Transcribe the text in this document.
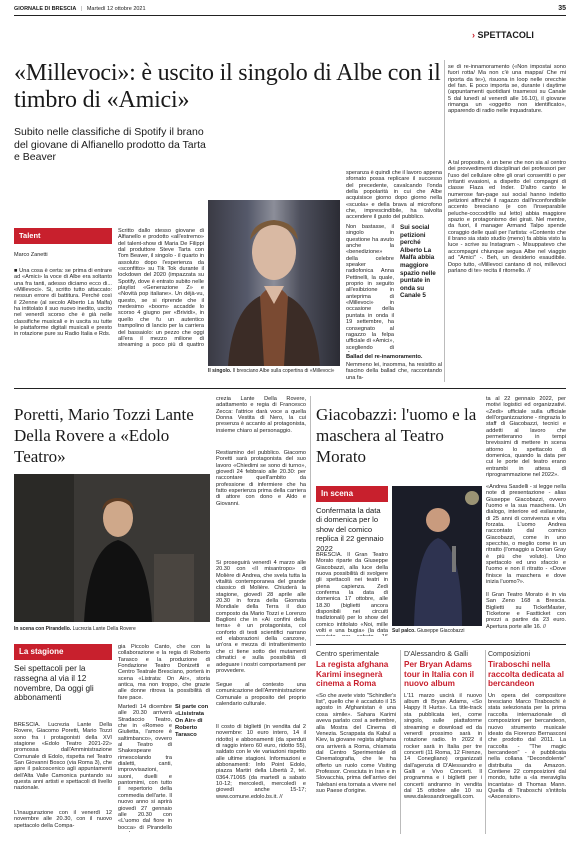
GIORNALE DI BRESCIA | Martedì 12 ottobre 2021	35
› SPETTACOLI
«Millevoci»: è uscito il singolo di Albe con il timbro di «Amici»
Subito nelle classifiche di Spotify il brano del giovane di Alfianello prodotto da Tarta e Beaver
Talent
Marco Zanetti

■ Una cosa è certa: se prima di entrare ad «Amici» la voce di Albe era soltanto una fra tanti, adesso diciamo ecco di... «Millevoci». Si, scritto tutto attaccato: nessun errore di battitura. Perché così il 22enne (al secolo Alberto La Malfa) ha intitolato il suo nuovo inedito, uscito nel venerdì scorso che è già nelle classifiche musicali e in uscita su tutte le piattaforme digitali musicali e presto in rotazione pure su Radio Italia e Rds.

Scritto dallo stesso giovane di Alfianello e prodotto «all'estremo» del talent-show di Maria De Filippi dal produttore Steve Tarta con Tom Beaver, il singolo - il quarto in assoluto dopo l'esperienza da «sconfitto» su Tik Tok durante il lockdown del 2020 (impazzata su Spotify, dove è entrato subito nelle playlist «Generazione Z» e «Novità pop italiane». Un déjà-vu, questo, se si riprende che il medesimo «boom» accadde lo scorso 4 giugno per «Brividi», in quello che fu un autentico trampolino di lancio per la carriera del bassaiolo: un pezzo che oggi all'era il mezzo milione di streaming a poco più di quattro

Il singolo. Il bresciano Albe sulla copertina di «Millevoci»

speranza è quindi che il lavoro appena sfornato possa replicare il successo del precedente, cavalcando l'onda della popolarità in cui che Albe acquisisce giorno dopo giorno nella «scuola» e della brava al microfono che, imprescindibile, ha talvolta accendere il gusto del pubblico.

Non bastasse, il singolo in questione ha avuto anche la «benedizione» della celebre speaker radiofonica Anna Pettinelli, la quale, proprio in seguito all'esibizione in anteprima di «Millevoci» in occasione della puntata in onda il 19 settembre, ha consegnato al ragazzo la felpa ufficiale di «Amici», scegliendo di

Sui social petizioni perché Alberto La Malfa abbia maggiore spazio nelle puntate in onda su Canale 5
Ballad del re-inamoramento.

Nemmeno lei, insomma, ha resistito al fascino della ballad che, raccontando una fa-

se di re-innamoramento («Non impostai sono fuori rotta/ Ma non c'è una mappa/ Che mi riporta da te»), risuona in loop nelle orecchie del fan. E poco importa se, durante i daytime (appuntamenti quotidiani trasmessi su Canale 5 dal lunedì al venerdì alle 16.10), il giovane rimanga un «oggetto non identificato», apparendo di radio nelle inquadrature.

A tal proposito, è un bene che non sia al centro dei provvedimenti disciplinari dei professori per l'uso del cellulare oltre gli orari consentiti o per irritanti evasioni, a dispetto del compagni di classe Flaza ed Inder. D'altro canto le numerose fan-page sui social hanno indetto petizioni affinché il ragazzo dall'inconfondibile accento bresciano (e con l'inseparabile peluche-coccodrillo sul letto) abbia maggiore spazio e protagonismo dei girati. Nel mentre, da fuori, il manager Armand Talpo spende coraggio delle quali per l'artista: «Contento che il brano sia stato studio (meno) fa abbia visto la luce - scrive su Instagram -. Misuppatevo che accompagni chiunque segua Albe nel viaggio ad "Amici" -. Beh, un desiderio esaudibile. Dopo tutto, «Millevoci cantano di noi, millevoci parlano di te» recita il ritornello. //

Poretti, Mario Tozzi Lante Della Rovere a «Edolo Teatro»
In scena con Pirandello. Lucrezia Lante Della Rovere
La stagione
Sei spettacoli per la rassegna al via il 12 novembre, Da oggi gli abbonamenti

BRESCIA. Lucrezia Lante Della Rovere, Giacomo Poretti, Mario Tozzi sono fra i protagonisti della XVI stagione «Edolo Teatro 2021-22» promossa dall'Amministrazione Comunale di Edolo, rispetta nel Teatro San Giovanni Bosco (via Roma 3), che apre il palcoscenico agli appuntamenti dell'Alta Valle Camonica puntando su questa anni artisti e spettacoli di livello nazionale.

L'inaugurazione con il venerdì 12 novembre alle 20.30, con il nuovo spettacolo della Compa-

gia Piccolo Canto, che con la collaborazione e la regia di Roberto Tarasco e la produzione di Fondazione Teatro Donizetti e Centro Teatrale Bresciano, porterà in scena «Listrata: On Air», storia antica, ma non troppo, che grazie alle donne ritrova la possibilità di fare pace.

Martedì 14 dicembre alle 20.30 arriverà Stradaccio Teatro, che in «Romeo e Giulietta, l'amore è saltimbanco», ovvero al Teatro di Shakespeare rimescolando tra dialetti, canti, improvvisazioni, suoni, duelli e pantomimi, con tutto il repertorio della commedia dell'arte. Il nuovo anno si aprirà giovedì 27 gennaio alle 20.30 con «L'uomo dal fiore in bocca» di Pirandello

Si parte con «Lisistrata On Air» di Roberto Tarasco

crezia Lante Della Rovere, adattamento e regia di Francesco Zecca: l'attrice darà voce a quella Donna Vestita di Nero, la cui presenza è accanto al protagonista, insieme chiaro al personaggio.

Restiamino del pubblico. Giacomo Poretti sarà protagonista del suo lavoro «Chiedimi se sono di turno», giovedì 24 febbraio alle 20.30: per raccontare quell'ambito da professione di infermiere che ha fatto esperienza prima della carriera di attore con dono e Aldo e Giovanni.

Si proseguirà venerdì 4 marzo alle 20.30 con «Il misantropo» di Molière di Andrea, che svela tutta la vitalità contemporanea del grande classico di Molière. Chiuderà la stagione, giovedì 28 aprile alle 20.30 in forza della Giornata Mondiale della Terra il duo composto da Mario Tozzi e Lorenzo Baglioni che in «Ai confini della terra» è un protagonista, col conforto di testi scientifici narrano ed elaborazioni della canzone, un'ora e mezza di intrattenimento che ci tiene sotto dei mutamenti climatici e sulla possibilità di adeguare i nostri comportamenti per provvedere.

Segue al contesto una comunicazione dell'Amministrazione Comunale a proposito del proprio calendario culturale.

Il costo di biglietti (in vendita dal 2 novembre: 10 euro intero, 14 il ridotto) e abbonamenti (da sperduti di raggio intero 60 euro, ridotto 55), saldato con le vie variazioni rispetto alle ultime stagioni. Informazioni e abbonamenti: Info Point Edolo, piazza Martiri della Libertà 2, tel. 0364.71065 (da martedì a sabato 10-12; mercoledì, mercoledì e giovedì anche 15-17; www.comune.edolo.bs.it. //

Giacobazzi: l'uomo e la maschera al Teatro Morato
In scena
Confermata la data di domenica per lo show del comico replica il 22 gennaio 2022

BRESCIA. Il Gran Teatro Morato riparte da Giuseppe Giacobazzi, alla luce della nuova possibilità di svolgere gli spettacoli nei teatri in piena capienza. Zedi conferma la data di domenica 17 ottobre, alle 18.30 (biglietti ancora disponibili nei circuiti tradizionali) per lo show del comico intitolato «Noi, mille volti e una bugia» (la data Sul palco. Giuseppe Giacobazzi

ta al 22 gennaio 2022, per motivi logistici ed organizzativi. «Zedi» ufficiale sulla ufficiale dell'organizzazione - ringrazia lo staff di Giacobazzi, tecnici e addetti al lavoro che permetteranno in tempi brevissimi di mettere in scena attorno lo spettacolo di domenica, quando la data per cui le porte del teatro erano entrambi in attesa di riprogrammazione nel 2022».

«Andrea Sasdelli - si legge nella note di presentazione - alias Giuseppe Giacobazzi, ovvero l'uomo e la sua maschera. Un dialogo, interiore ed esilarante, di 25 anni di convivenza e vita forzata. L'uomo Andrea raccontato dal comico Giacobazzi, come in uno specchio, o meglio come in un ritratto (l'omaggio a Dorian Gray è più che voluto). Uno spettacolo ed uno sfaccio e l'uomo e non il ritratto - «Dove finisce la maschera e dove inizia l'uomo?».

Il Gran Teatro Morato è in via San Zeno 168 a Brescia. Biglietti su TicketMaster, Ticketone e Fastticket con prezzi a partire da 23 euro. Apertura porte alle 16. //

Centro sperimentale
La regista afghana Karimi insegnerà cinema a Roma

«So che avete visto "Schindler's list", quello che è accaduto il 15 agosto in Afghanistan è una cosa simile». Sahara Karimi aveva parlato così a settembre, alla Mostra del Cinema di Venezia. Scrappata da Kabul a Kiev, la giovane regista afghana ora arriverà a Roma, chiamata dal Centro Sperimentale di Cinematografia, che le ha offerto un ruolo come Visiting Professor. Cresciuta in Iran e in Slovacchia, prima dell'arrivo dei Talebani era tornata a vivere nel suo Paese d'origine.

D'Alessandro & Galli
Per Bryan Adams tour in Italia con il nuovo album

L'11 marzo uscirà il nuovo album di Bryan Adams, «So Happy It Hurts». La title-track sta pubblicata ieri, come singolo, sulle piattaforme streaming e download ed da venerdì prossimo sarà in rotazione radio. In 2022 il rocker sarà in Italia per tre concerti (11 Roma, 12 Firenze, 14 Conegliano) organizzati dall'agenzia di D'Alessandro e Galli e Vivo Concerti. Il programma e i biglietti per i concerti andranno in vendita dal 15 ottobre alle 10 su www.dalessandroegalli.com.

Composizioni
Tiraboschi nella raccolta dedicata al bercandeon

Un opera del compositore bresciano Marco Tiraboschi è stata selezionata per la prima raccolta internazionale di composizioni per bercandeon, nuovo strumento musicale ideato da Fiorenzo Bernasconi che prodotto dal 2011. La raccolta - "The magic bercandeon" - è pubblicata nella collana "Decondolente" distribuita da Amazon. Contiene 22 composizioni dal mondo, tutte a «la meraviglia incantata» di Thomas Mann. Quella di Tiraboschi s'intitola «Ascension».
